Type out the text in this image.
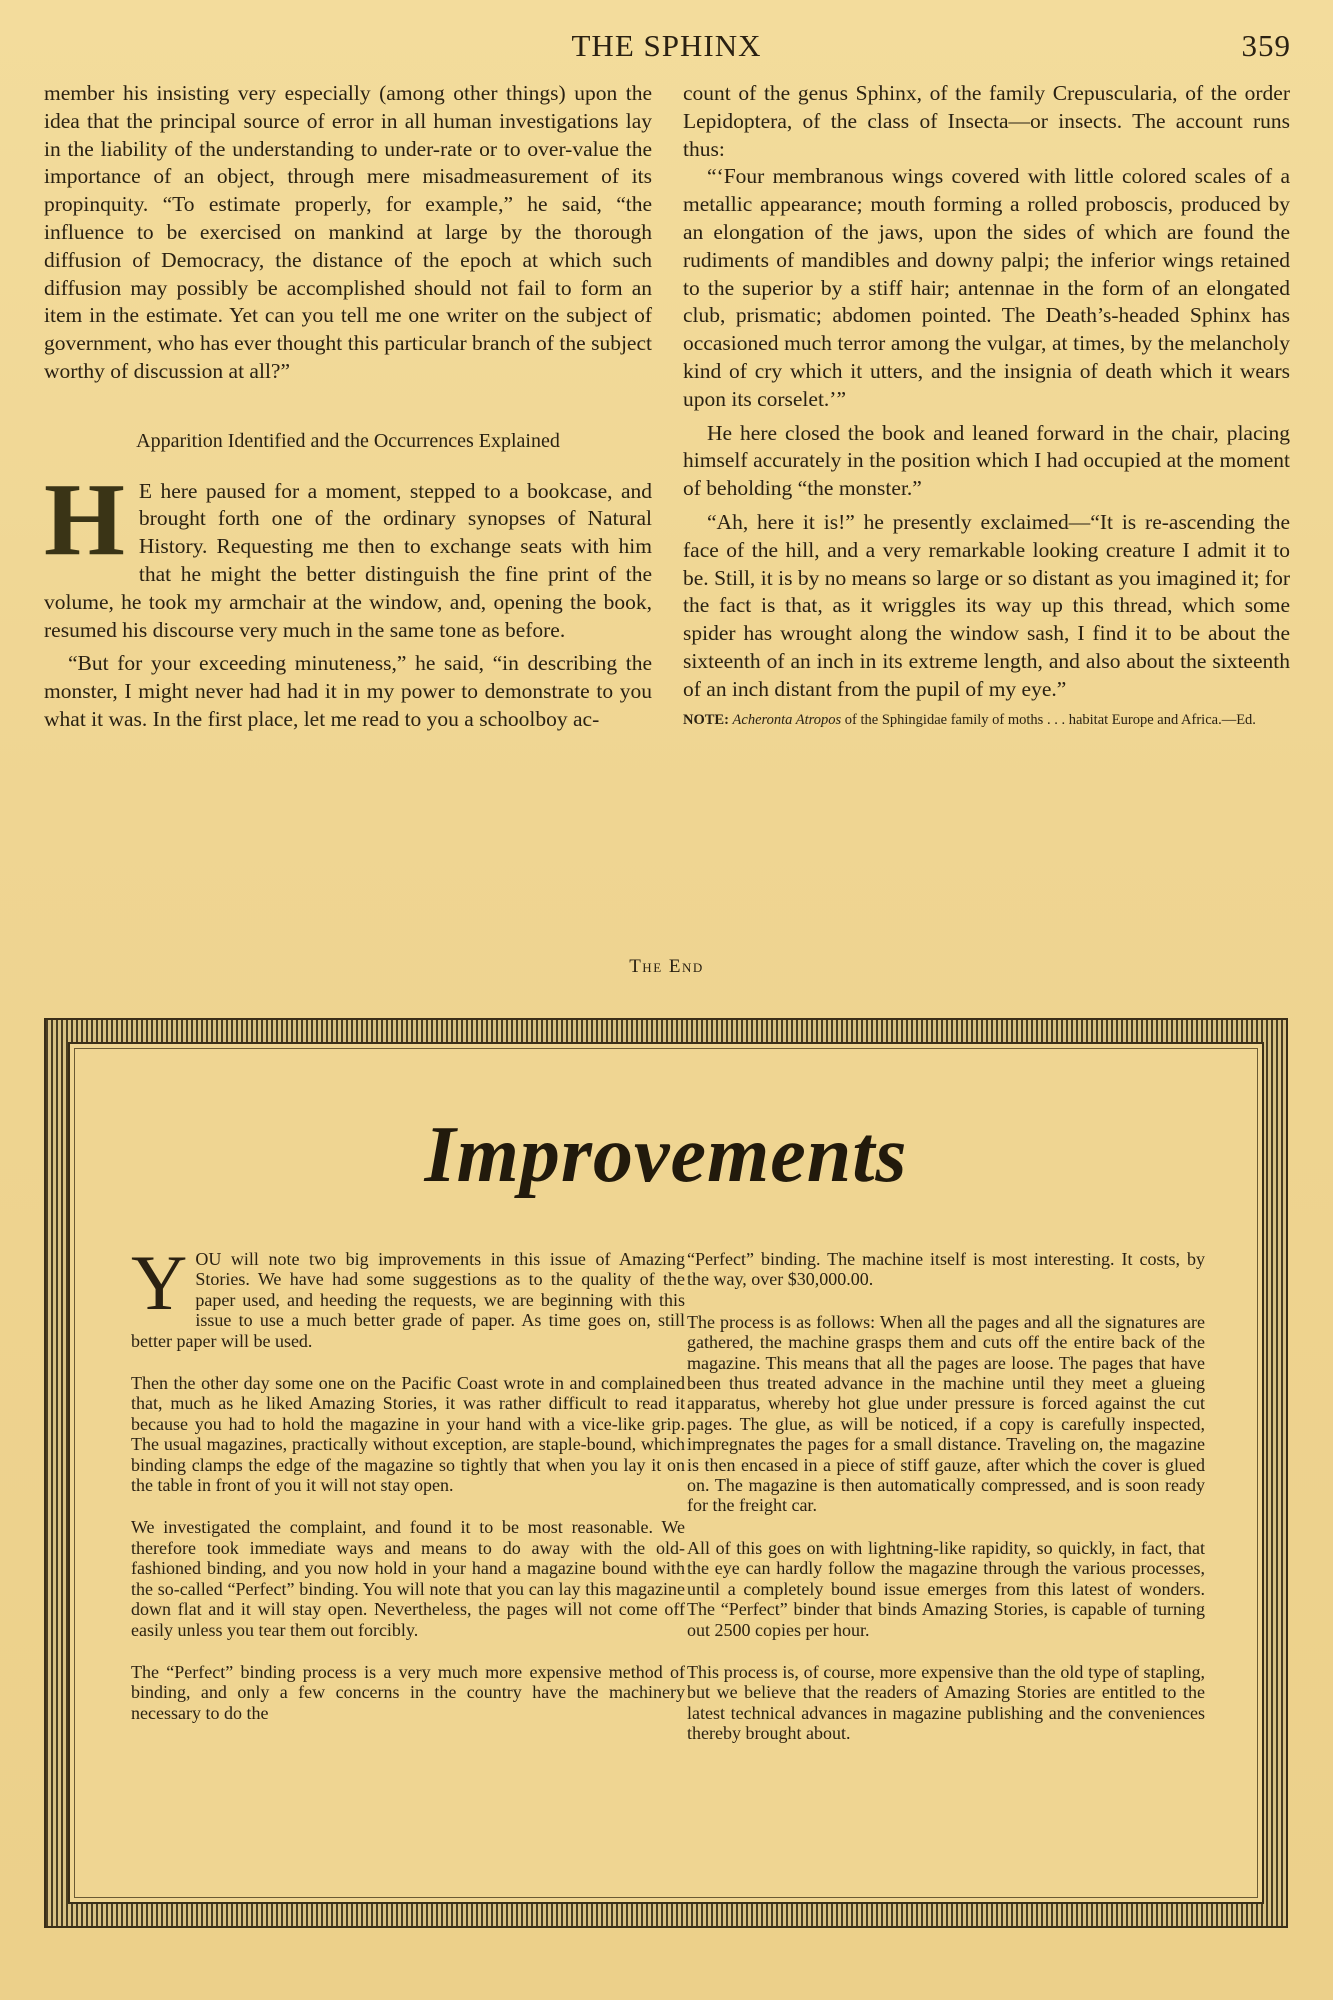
THE SPHINX	359

member his insisting very especially (among other things) upon the idea that the principal source of error in all human investigations lay in the liability of the understanding to under-rate or to over-value the importance of an object, through mere misadmeasurement of its propinquity. “To estimate properly, for example,” he said, “the influence to be exercised on mankind at large by the thorough diffusion of Democracy, the distance of the epoch at which such diffusion may possibly be accomplished should not fail to form an item in the estimate. Yet can you tell me one writer on the subject of government, who has ever thought this particular branch of the subject worthy of discussion at all?”

Apparition Identified and the Occurrences Explained

H E here paused for a moment, stepped to a bookcase, and brought forth one of the ordinary synopses of Natural History. Requesting me then to exchange seats with him that he might the better distinguish the fine print of the volume, he took my armchair at the window, and, opening the book, resumed his discourse very much in the same tone as before.

“But for your exceeding minuteness,” he said, “in describing the monster, I might never had had it in my power to demonstrate to you what it was. In the first place, let me read to you a schoolboy ac-

count of the genus Sphinx, of the family Crepuscularia, of the order Lepidoptera, of the class of Insecta—or insects. The account runs thus:

“‘Four membranous wings covered with little colored scales of a metallic appearance; mouth forming a rolled proboscis, produced by an elongation of the jaws, upon the sides of which are found the rudiments of mandibles and downy palpi; the inferior wings retained to the superior by a stiff hair; antennae in the form of an elongated club, prismatic; abdomen pointed. The Death’s-headed Sphinx has occasioned much terror among the vulgar, at times, by the melancholy kind of cry which it utters, and the insignia of death which it wears upon its corselet.’”

He here closed the book and leaned forward in the chair, placing himself accurately in the position which I had occupied at the moment of beholding “the monster.”

“Ah, here it is!” he presently exclaimed—“It is re-ascending the face of the hill, and a very remarkable looking creature I admit it to be. Still, it is by no means so large or so distant as you imagined it; for the fact is that, as it wriggles its way up this thread, which some spider has wrought along the window sash, I find it to be about the sixteenth of an inch in its extreme length, and also about the sixteenth of an inch distant from the pupil of my eye.”

NOTE: Acheronta Atropos of the Sphingidae family of moths . . . habitat Europe and Africa.—Ed.

The End
Improvements

Y OU will note two big improvements in this issue of Amazing Stories. We have had some suggestions as to the quality of the paper used, and heeding the requests, we are beginning with this issue to use a much better grade of paper. As time goes on, still better paper will be used.

Then the other day some one on the Pacific Coast wrote in and complained that, much as he liked Amazing Stories, it was rather difficult to read it because you had to hold the magazine in your hand with a vice-like grip. The usual magazines, practically without exception, are staple-bound, which binding clamps the edge of the magazine so tightly that when you lay it on the table in front of you it will not stay open.

We investigated the complaint, and found it to be most reasonable. We therefore took immediate ways and means to do away with the old-fashioned binding, and you now hold in your hand a magazine bound with the so-called “Perfect” binding. You will note that you can lay this magazine down flat and it will stay open. Nevertheless, the pages will not come off easily unless you tear them out forcibly.

The “Perfect” binding process is a very much more expensive method of binding, and only a few concerns in the country have the machinery necessary to do the

“Perfect” binding. The machine itself is most interesting. It costs, by the way, over $30,000.00.

The process is as follows: When all the pages and all the signatures are gathered, the machine grasps them and cuts off the entire back of the magazine. This means that all the pages are loose. The pages that have been thus treated advance in the machine until they meet a glueing apparatus, whereby hot glue under pressure is forced against the cut pages. The glue, as will be noticed, if a copy is carefully inspected, impregnates the pages for a small distance. Traveling on, the magazine is then encased in a piece of stiff gauze, after which the cover is glued on. The magazine is then automatically compressed, and is soon ready for the freight car.

All of this goes on with lightning-like rapidity, so quickly, in fact, that the eye can hardly follow the magazine through the various processes, until a completely bound issue emerges from this latest of wonders. The “Perfect” binder that binds Amazing Stories, is capable of turning out 2500 copies per hour.

This process is, of course, more expensive than the old type of stapling, but we believe that the readers of Amazing Stories are entitled to the latest technical advances in magazine publishing and the conveniences thereby brought about.
